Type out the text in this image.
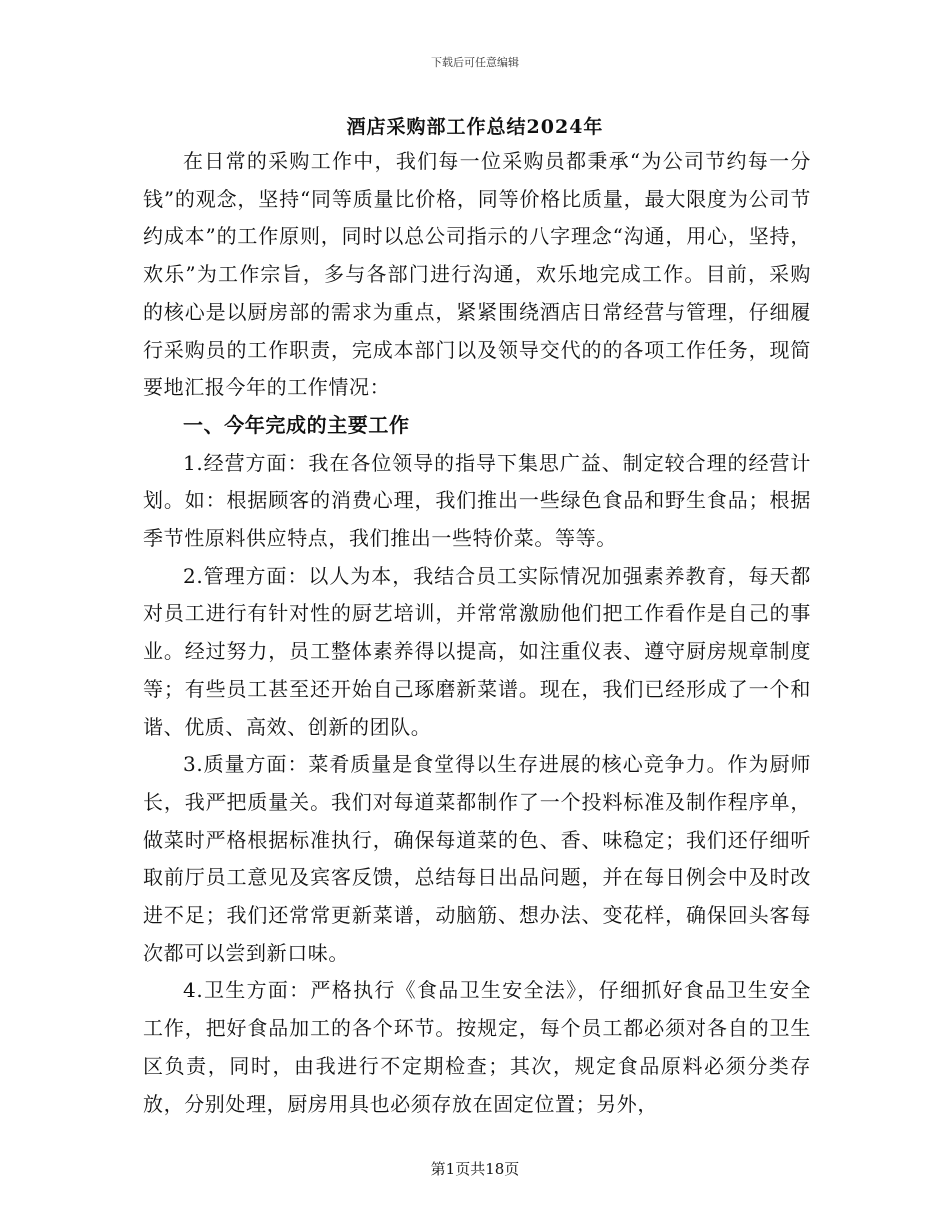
下载后可任意编辑
酒店采购部工作总结2024年

在日常的采购工作中，我们每一位采购员都秉承“为公司节约每一分钱”的观念，坚持“同等质量比价格，同等价格比质量，最大限度为公司节约成本”的工作原则，同时以总公司指示的八字理念“沟通，用心，坚持，欢乐”为工作宗旨，多与各部门进行沟通，欢乐地完成工作。目前，采购的核心是以厨房部的需求为重点，紧紧围绕酒店日常经营与管理，仔细履行采购员的工作职责，完成本部门以及领导交代的的各项工作任务，现简要地汇报今年的工作情况：

一、今年完成的主要工作

1.经营方面：我在各位领导的指导下集思广益、制定较合理的经营计划。如：根据顾客的消费心理，我们推出一些绿色食品和野生食品；根据季节性原料供应特点，我们推出一些特价菜。等等。

2.管理方面：以人为本，我结合员工实际情况加强素养教育，每天都对员工进行有针对性的厨艺培训，并常常激励他们把工作看作是自己的事业。经过努力，员工整体素养得以提高，如注重仪表、遵守厨房规章制度等；有些员工甚至还开始自己琢磨新菜谱。现在，我们已经形成了一个和谐、优质、高效、创新的团队。

3.质量方面：菜肴质量是食堂得以生存进展的核心竞争力。作为厨师长，我严把质量关。我们对每道菜都制作了一个投料标准及制作程序单，做菜时严格根据标准执行，确保每道菜的色、香、味稳定；我们还仔细听取前厅员工意见及宾客反馈，总结每日出品问题，并在每日例会中及时改进不足；我们还常常更新菜谱，动脑筋、想办法、变花样，确保回头客每次都可以尝到新口味。

4.卫生方面：严格执行《食品卫生安全法》，仔细抓好食品卫生安全工作，把好食品加工的各个环节。按规定，每个员工都必须对各自的卫生区负责，同时，由我进行不定期检查；其次，规定食品原料必须分类存放，分别处理，厨房用具也必须存放在固定位置；另外，

第1页共18页
